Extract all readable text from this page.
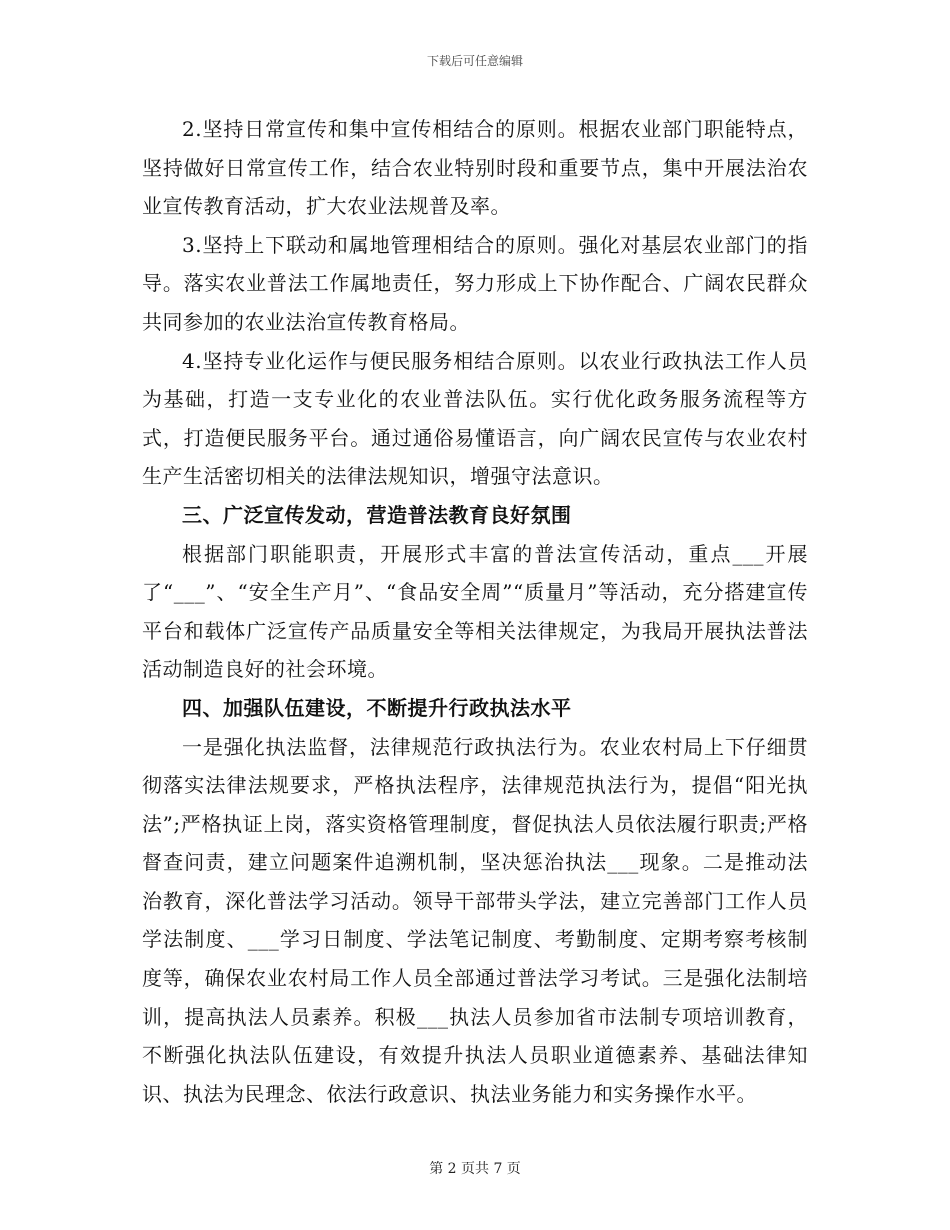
下载后可任意编辑

2.坚持日常宣传和集中宣传相结合的原则。根据农业部门职能特点，坚持做好日常宣传工作，结合农业特别时段和重要节点，集中开展法治农业宣传教育活动，扩大农业法规普及率。

3.坚持上下联动和属地管理相结合的原则。强化对基层农业部门的指导。落实农业普法工作属地责任，努力形成上下协作配合、广阔农民群众共同参加的农业法治宣传教育格局。

4.坚持专业化运作与便民服务相结合原则。以农业行政执法工作人员为基础，打造一支专业化的农业普法队伍。实行优化政务服务流程等方式，打造便民服务平台。通过通俗易懂语言，向广阔农民宣传与农业农村生产生活密切相关的法律法规知识，增强守法意识。

三、广泛宣传发动，营造普法教育良好氛围

根据部门职能职责，开展形式丰富的普法宣传活动，重点___开展了“___”、“安全生产月”、“食品安全周”“质量月”等活动，充分搭建宣传平台和载体广泛宣传产品质量安全等相关法律规定，为我局开展执法普法活动制造良好的社会环境。

四、加强队伍建设，不断提升行政执法水平

一是强化执法监督，法律规范行政执法行为。农业农村局上下仔细贯彻落实法律法规要求，严格执法程序，法律规范执法行为，提倡“阳光执法”;严格执证上岗，落实资格管理制度，督促执法人员依法履行职责;严格督查问责，建立问题案件追溯机制，坚决惩治执法___现象。二是推动法治教育，深化普法学习活动。领导干部带头学法，建立完善部门工作人员学法制度、___学习日制度、学法笔记制度、考勤制度、定期考察考核制度等，确保农业农村局工作人员全部通过普法学习考试。三是强化法制培训，提高执法人员素养。积极___执法人员参加省市法制专项培训教育，不断强化执法队伍建设，有效提升执法人员职业道德素养、基础法律知识、执法为民理念、依法行政意识、执法业务能力和实务操作水平。

第 2 页共 7 页
